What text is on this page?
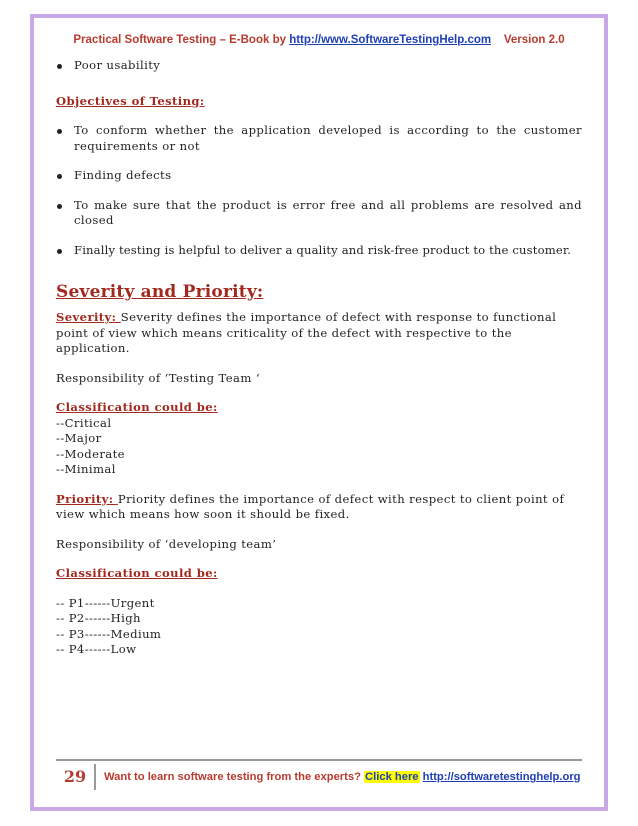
Practical Software Testing – E-Book by http://www.SoftwareTestingHelp.com Version 2.0
Poor usability
Objectives of Testing:
To conform whether the application developed is according to the customer requirements or not
Finding defects
To make sure that the product is error free and all problems are resolved and closed
Finally testing is helpful to deliver a quality and risk-free product to the customer.
Severity and Priority:
Severity: Severity defines the importance of defect with response to functional point of view which means criticality of the defect with respective to the application.
Responsibility of ‘Testing Team ‘
Classification could be:
--Critical
--Major
--Moderate
--Minimal
Priority: Priority defines the importance of defect with respect to client point of view which means how soon it should be fixed.
Responsibility of ‘developing team’
Classification could be:
-- P1------Urgent
-- P2------High
-- P3------Medium
-- P4------Low
29	Want to learn software testing from the experts? Click here http://softwaretestinghelp.org
